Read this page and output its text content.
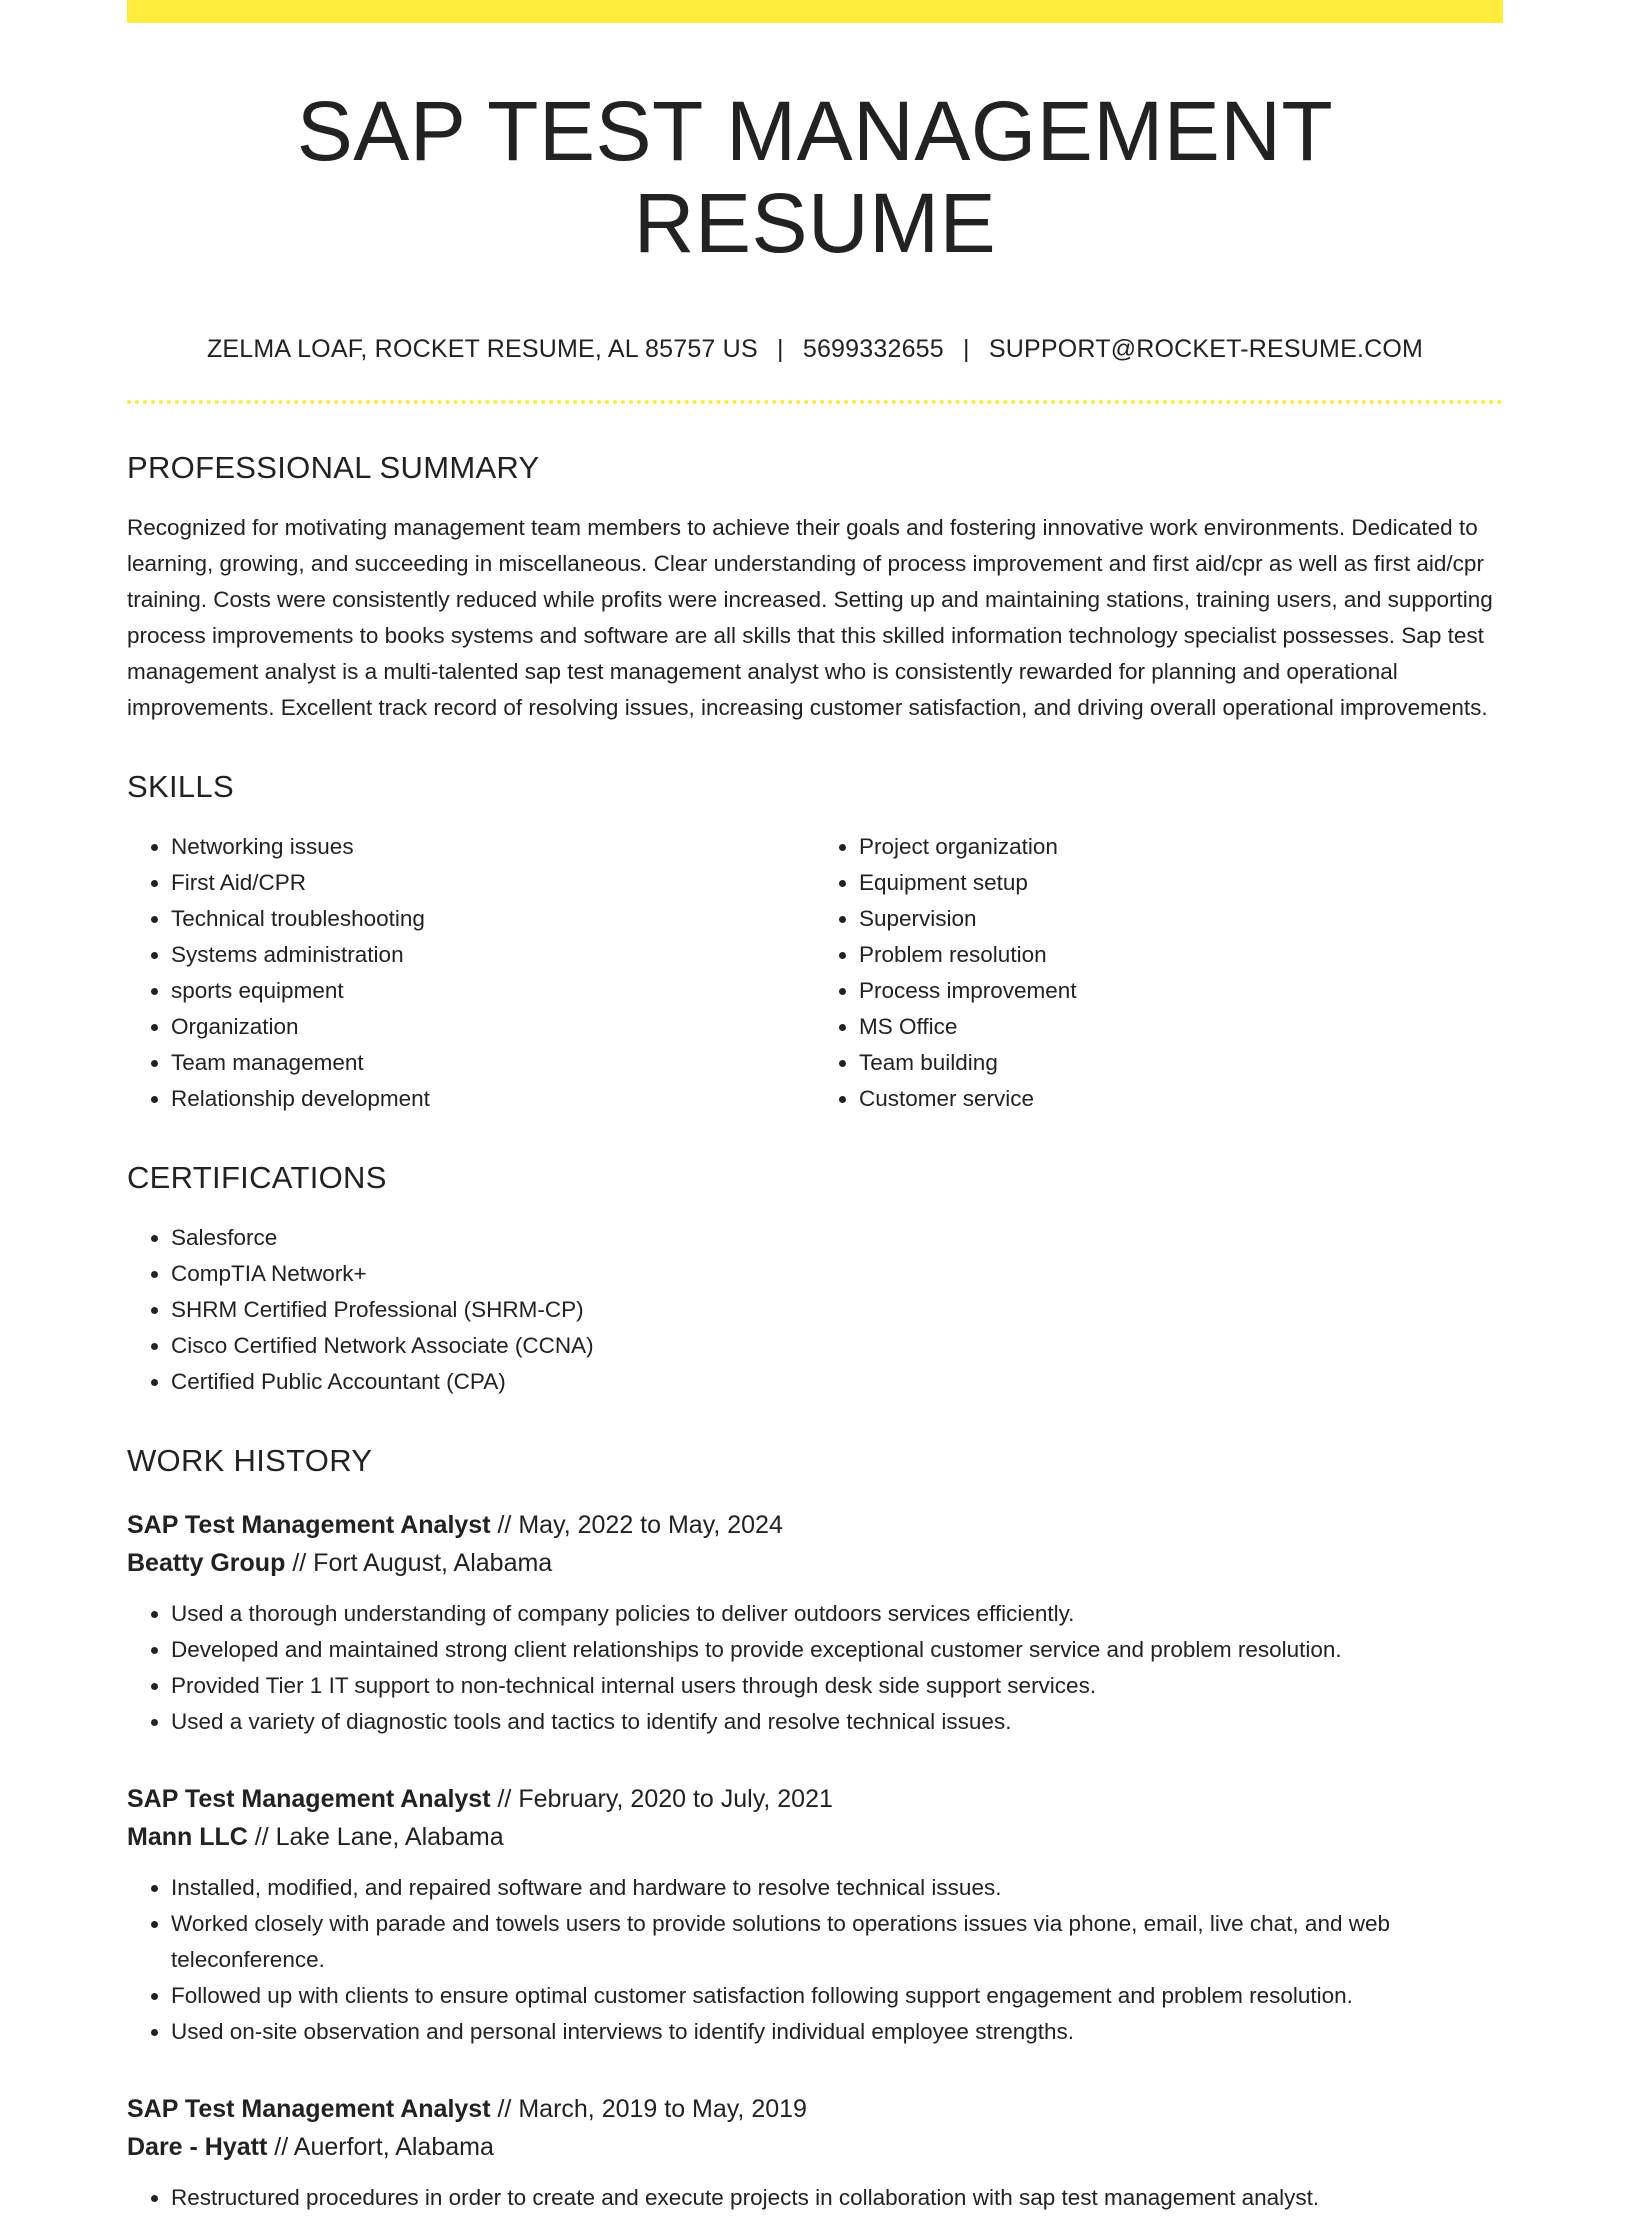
SAP TEST MANAGEMENT RESUME
ZELMA LOAF, ROCKET RESUME, AL 85757 US | 5699332655 | SUPPORT@ROCKET-RESUME.COM
PROFESSIONAL SUMMARY

Recognized for motivating management team members to achieve their goals and fostering innovative work environments. Dedicated to learning, growing, and succeeding in miscellaneous. Clear understanding of process improvement and first aid/cpr as well as first aid/cpr training. Costs were consistently reduced while profits were increased. Setting up and maintaining stations, training users, and supporting process improvements to books systems and software are all skills that this skilled information technology specialist possesses. Sap test management analyst is a multi-talented sap test management analyst who is consistently rewarded for planning and operational improvements. Excellent track record of resolving issues, increasing customer satisfaction, and driving overall operational improvements.

SKILLS
• Networking issues
• First Aid/CPR
• Technical troubleshooting
• Systems administration
• sports equipment
• Organization
• Team management
• Relationship development
• Project organization
• Equipment setup
• Supervision
• Problem resolution
• Process improvement
• MS Office
• Team building
• Customer service
CERTIFICATIONS
• Salesforce
• CompTIA Network+
• SHRM Certified Professional (SHRM-CP)
• Cisco Certified Network Associate (CCNA)
• Certified Public Accountant (CPA)
WORK HISTORY
SAP Test Management Analyst // May, 2022 to May, 2024
Beatty Group // Fort August, Alabama
• Used a thorough understanding of company policies to deliver outdoors services efficiently.
• Developed and maintained strong client relationships to provide exceptional customer service and problem resolution.
• Provided Tier 1 IT support to non-technical internal users through desk side support services.
• Used a variety of diagnostic tools and tactics to identify and resolve technical issues.
SAP Test Management Analyst // February, 2020 to July, 2021
Mann LLC // Lake Lane, Alabama
• Installed, modified, and repaired software and hardware to resolve technical issues.
• Worked closely with parade and towels users to provide solutions to operations issues via phone, email, live chat, and web teleconference.
• Followed up with clients to ensure optimal customer satisfaction following support engagement and problem resolution.
• Used on-site observation and personal interviews to identify individual employee strengths.
SAP Test Management Analyst // March, 2019 to May, 2019
Dare - Hyatt // Auerfort, Alabama
• Restructured procedures in order to create and execute projects in collaboration with sap test management analyst.
